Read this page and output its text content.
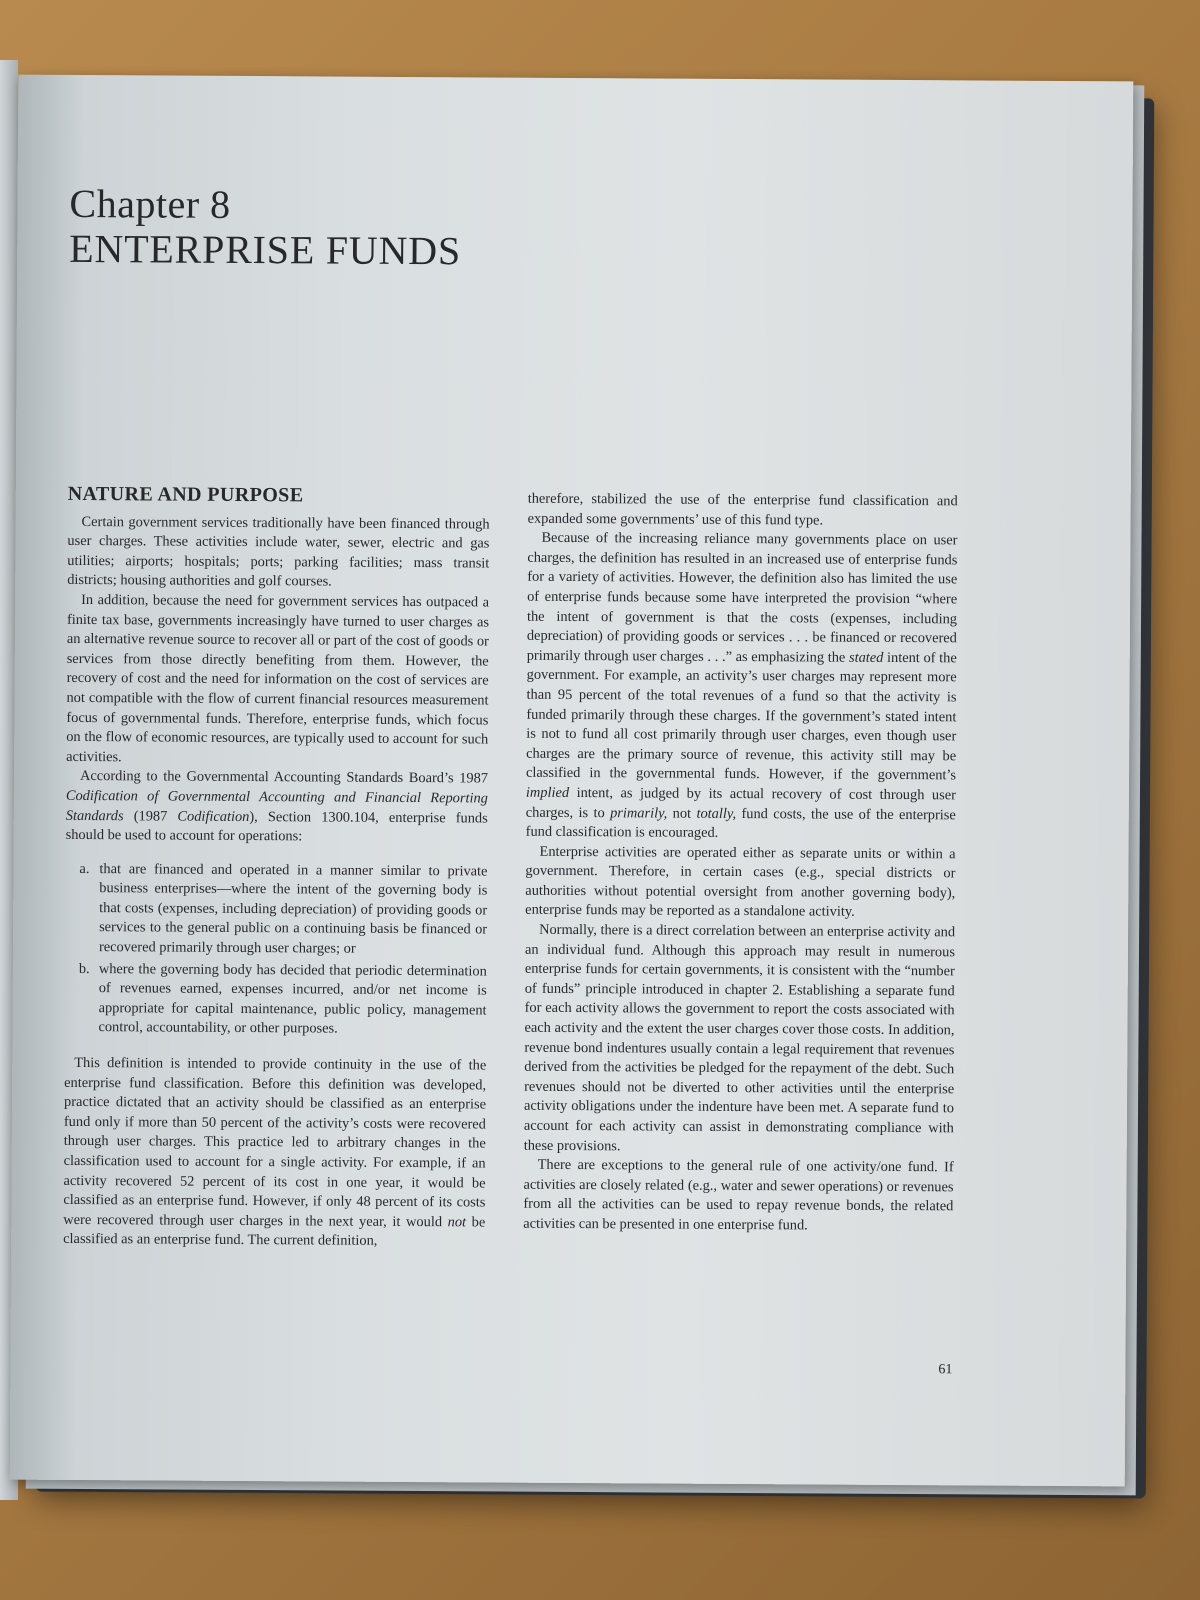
Chapter 8
ENTERPRISE FUNDS
NATURE AND PURPOSE

Certain government services traditionally have been financed through user charges. These activities include water, sewer, electric and gas utilities; airports; hospitals; ports; parking facilities; mass transit districts; housing authorities and golf courses.

In addition, because the need for government services has outpaced a finite tax base, governments increasingly have turned to user charges as an alternative revenue source to recover all or part of the cost of goods or services from those directly benefiting from them. However, the recovery of cost and the need for information on the cost of services are not compatible with the flow of current financial resources measurement focus of governmental funds. Therefore, enterprise funds, which focus on the flow of economic resources, are typically used to account for such activities.

According to the Governmental Accounting Standards Board’s 1987 Codification of Governmental Accounting and Financial Reporting Standards (1987 Codification), Section 1300.104, enterprise funds should be used to account for operations:

a. that are financed and operated in a manner similar to private business enterprises—where the intent of the governing body is that costs (expenses, including depreciation) of providing goods or services to the general public on a continuing basis be financed or recovered primarily through user charges; or
b. where the governing body has decided that periodic determination of revenues earned, expenses incurred, and/or net income is appropriate for capital maintenance, public policy, management control, accountability, or other purposes.

This definition is intended to provide continuity in the use of the enterprise fund classification. Before this definition was developed, practice dictated that an activity should be classified as an enterprise fund only if more than 50 percent of the activity’s costs were recovered through user charges. This practice led to arbitrary changes in the classification used to account for a single activity. For example, if an activity recovered 52 percent of its cost in one year, it would be classified as an enterprise fund. However, if only 48 percent of its costs were recovered through user charges in the next year, it would not be classified as an enterprise fund. The current definition,

therefore, stabilized the use of the enterprise fund classification and expanded some governments’ use of this fund type.

Because of the increasing reliance many governments place on user charges, the definition has resulted in an increased use of enterprise funds for a variety of activities. However, the definition also has limited the use of enterprise funds because some have interpreted the provision “where the intent of government is that the costs (expenses, including depreciation) of providing goods or services . . . be financed or recovered primarily through user charges . . .” as emphasizing the stated intent of the government. For example, an activity’s user charges may represent more than 95 percent of the total revenues of a fund so that the activity is funded primarily through these charges. If the government’s stated intent is not to fund all cost primarily through user charges, even though user charges are the primary source of revenue, this activity still may be classified in the governmental funds. However, if the government’s implied intent, as judged by its actual recovery of cost through user charges, is to primarily, not totally, fund costs, the use of the enterprise fund classification is encouraged.

Enterprise activities are operated either as separate units or within a government. Therefore, in certain cases (e.g., special districts or authorities without potential oversight from another governing body), enterprise funds may be reported as a standalone activity.

Normally, there is a direct correlation between an enterprise activity and an individual fund. Although this approach may result in numerous enterprise funds for certain governments, it is consistent with the “number of funds” principle introduced in chapter 2. Establishing a separate fund for each activity allows the government to report the costs associated with each activity and the extent the user charges cover those costs. In addition, revenue bond indentures usually contain a legal requirement that revenues derived from the activities be pledged for the repayment of the debt. Such revenues should not be diverted to other activities until the enterprise activity obligations under the indenture have been met. A separate fund to account for each activity can assist in demonstrating compliance with these provisions.

There are exceptions to the general rule of one activity/one fund. If activities are closely related (e.g., water and sewer operations) or revenues from all the activities can be used to repay revenue bonds, the related activities can be presented in one enterprise fund.

61
